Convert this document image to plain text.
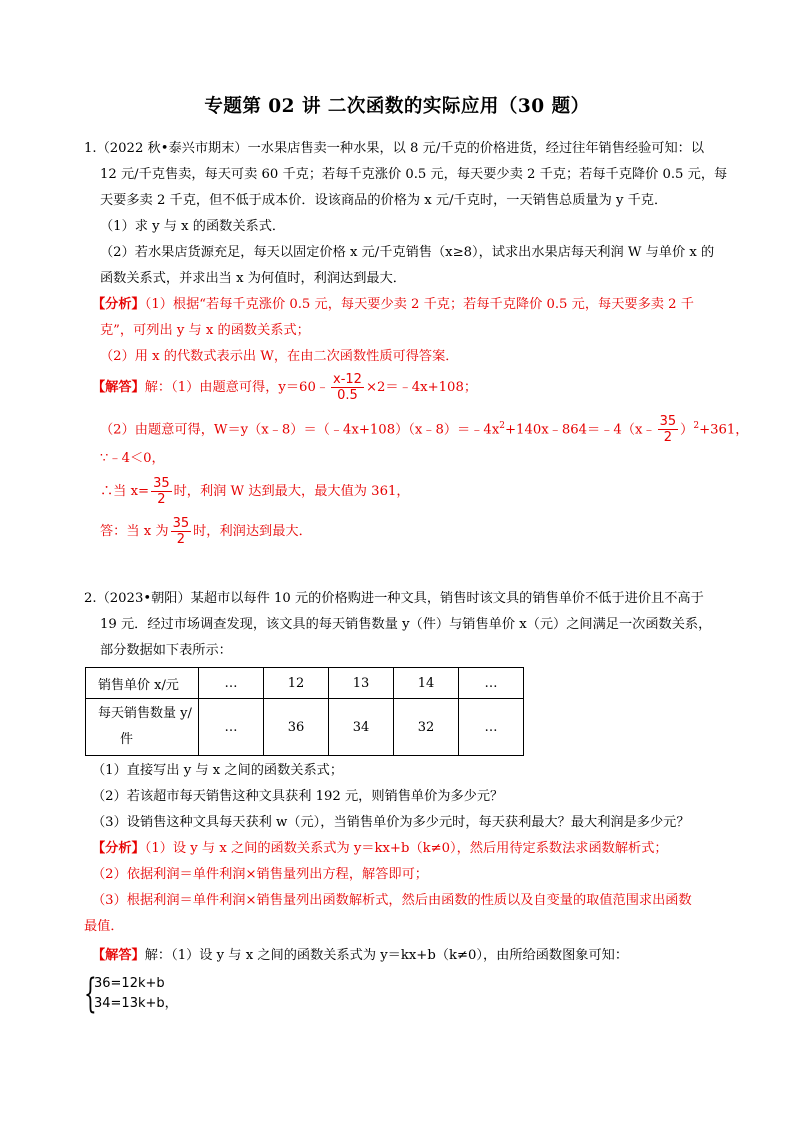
专题第 02 讲 二次函数的实际应用（30 题）
1.（2022 秋•泰兴市期末）一水果店售卖一种水果，以 8 元/千克的价格进货，经过往年销售经验可知：以
12 元/千克售卖，每天可卖 60 千克；若每千克涨价 0.5 元，每天要少卖 2 千克；若每千克降价 0.5 元，每
天要多卖 2 千克，但不低于成本价．设该商品的价格为 x 元/千克时，一天销售总质量为 y 千克．
（1）求 y 与 x 的函数关系式．
（2）若水果店货源充足，每天以固定价格 x 元/千克销售（x≥8），试求出水果店每天利润 W 与单价 x 的
函数关系式，并求出当 x 为何值时，利润达到最大．
【分析】（1）根据“若每千克涨价 0.5 元，每天要少卖 2 千克；若每千克降价 0.5 元，每天要多卖 2 千
克”，可列出 y 与 x 的函数关系式；
（2）用 x 的代数式表示出 W，在由二次函数性质可得答案．
【解答】解：（1）由题意可得，y＝60﹣ $\frac{x-12}{0.5}$ ×2＝﹣4x+108；
（2）由题意可得，$W=y(x﹣8)=(﹣4x+108)(x﹣8)=﹣4x^2+140x﹣864=﹣4(x﹣ \frac{35}{2} )^2+361$，
∵﹣4＜0，
∴当 $x= \frac{35}{2}$ 时，利润 W 达到最大，最大值为 361，
答：当 x 为 $\frac{35}{2}$ 时，利润达到最大．
2.（2023•朝阳）某超市以每件 10 元的价格购进一种文具，销售时该文具的销售单价不低于进价且不高于
19 元．经过市场调查发现，该文具的每天销售数量 y（件）与销售单价 x（元）之间满足一次函数关系，
部分数据如下表所示：
销售单价 x/元	…	12	13	14	…
每天销售数量 y/
件	…	36	34	32	…
（1）直接写出 y 与 x 之间的函数关系式；
（2）若该超市每天销售这种文具获利 192 元，则销售单价为多少元？
（3）设销售这种文具每天获利 w（元），当销售单价为多少元时，每天获利最大？最大利润是多少元？
【分析】（1）设 y 与 x 之间的函数关系式为 y＝kx+b（k≠0），然后用待定系数法求函数解析式；
（2）依据利润＝单件利润×销售量列出方程，解答即可；
（3）根据利润＝单件利润×销售量列出函数解析式，然后由函数的性质以及自变量的取值范围求出函数
最值．
【解答】解：（1）设 y 与 x 之间的函数关系式为 y＝kx+b（k≠0），由所给函数图象可知：
{
36=12k+b
34=13k+b，
